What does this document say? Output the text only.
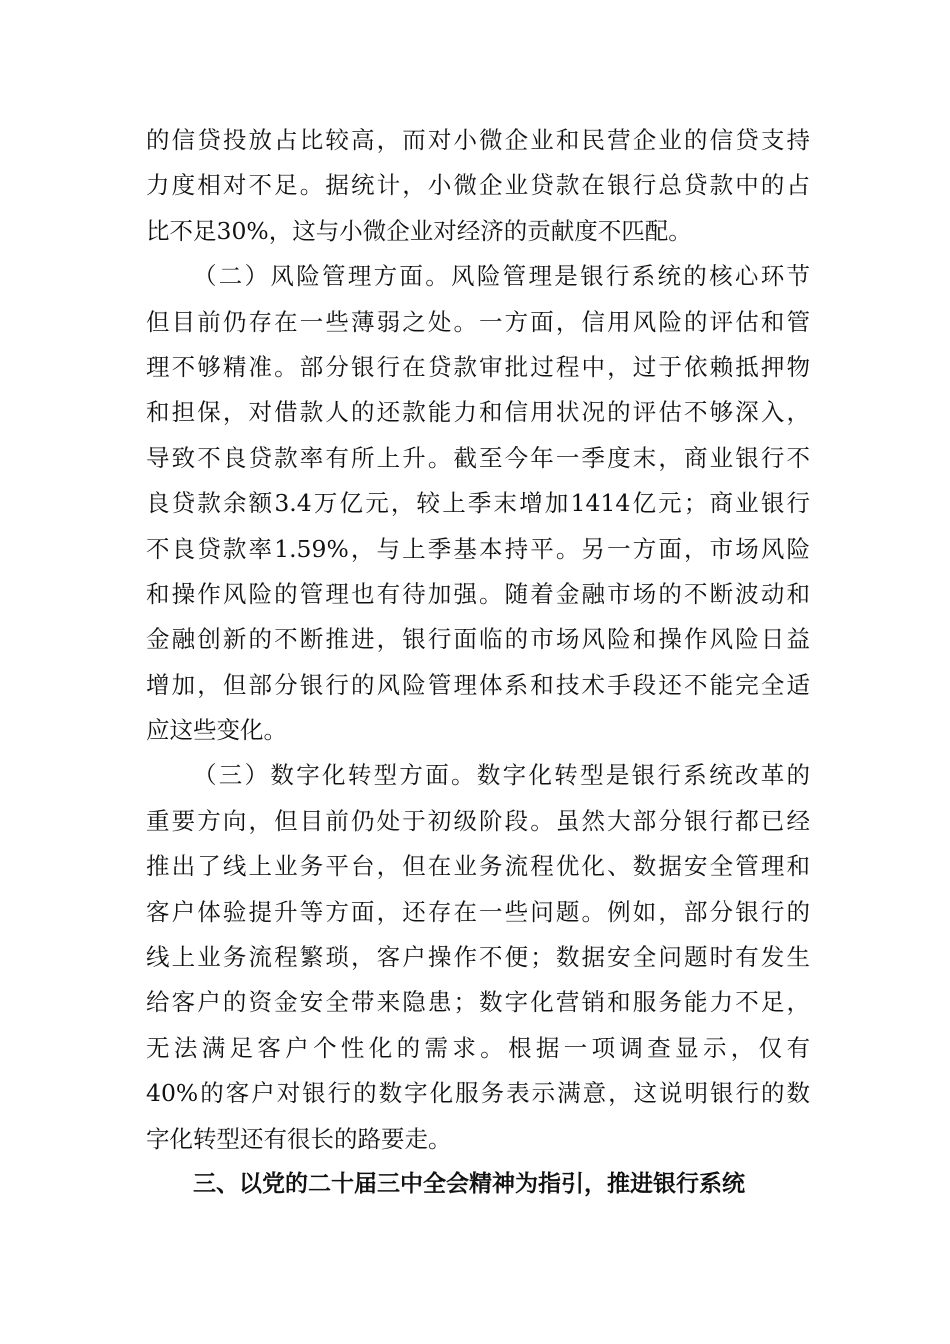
的信贷投放占比较高，而对小微企业和民营企业的信贷支持
力度相对不足。据统计，小微企业贷款在银行总贷款中的占
比不足30%，这与小微企业对经济的贡献度不匹配。

（二）风险管理方面。风险管理是银行系统的核心环节
但目前仍存在一些薄弱之处。一方面，信用风险的评估和管
理不够精准。部分银行在贷款审批过程中，过于依赖抵押物
和担保，对借款人的还款能力和信用状况的评估不够深入，
导致不良贷款率有所上升。截至今年一季度末，商业银行不
良贷款余额3.4万亿元，较上季末增加1414亿元；商业银行
不良贷款率1.59%，与上季基本持平。另一方面，市场风险
和操作风险的管理也有待加强。随着金融市场的不断波动和
金融创新的不断推进，银行面临的市场风险和操作风险日益
增加，但部分银行的风险管理体系和技术手段还不能完全适
应这些变化。

（三）数字化转型方面。数字化转型是银行系统改革的
重要方向，但目前仍处于初级阶段。虽然大部分银行都已经
推出了线上业务平台，但在业务流程优化、数据安全管理和
客户体验提升等方面，还存在一些问题。例如，部分银行的
线上业务流程繁琐，客户操作不便；数据安全问题时有发生
给客户的资金安全带来隐患；数字化营销和服务能力不足，
无法满足客户个性化的需求。根据一项调查显示，仅有
40%的客户对银行的数字化服务表示满意，这说明银行的数
字化转型还有很长的路要走。

三、以党的二十届三中全会精神为指引，推进银行系统
